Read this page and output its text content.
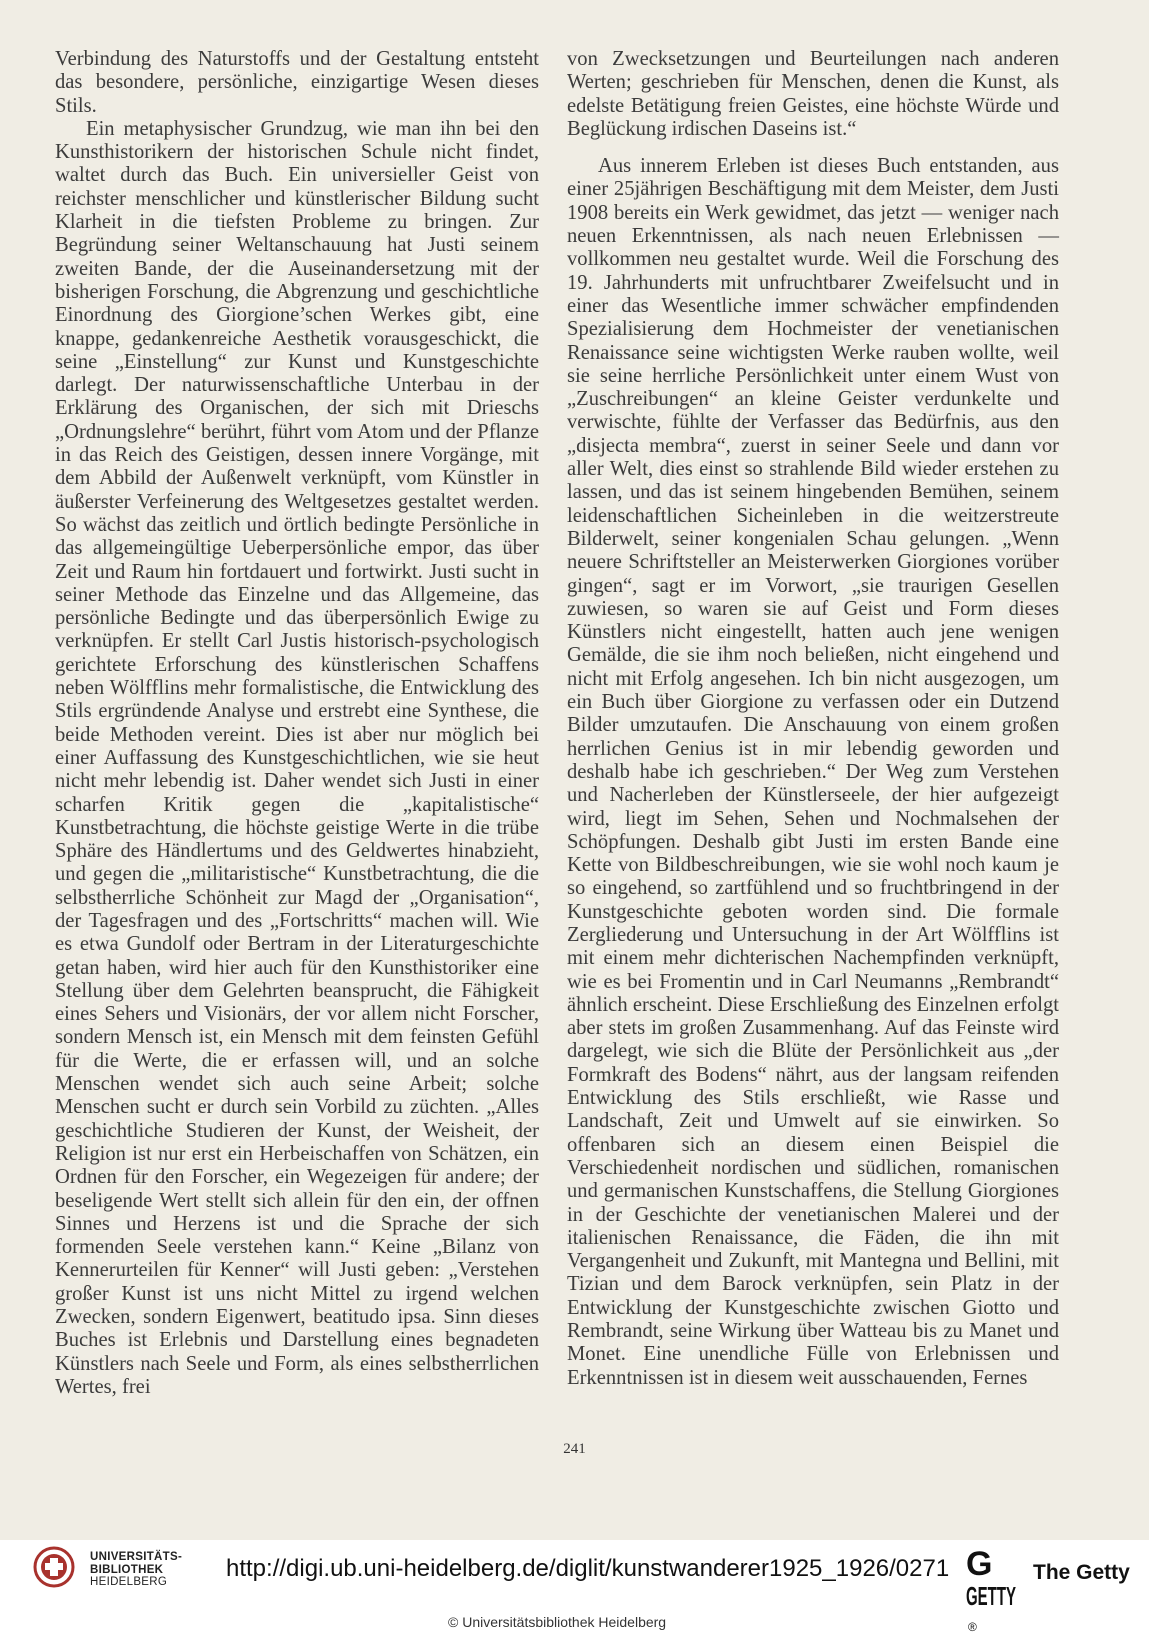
Verbindung des Naturstoffs und der Gestaltung entsteht das besondere, persönliche, einzigartige Wesen dieses Stils.

Ein metaphysischer Grundzug, wie man ihn bei den Kunsthistorikern der historischen Schule nicht findet, waltet durch das Buch. Ein universieller Geist von reichster menschlicher und künstlerischer Bildung sucht Klarheit in die tiefsten Probleme zu bringen. Zur Begründung seiner Weltanschauung hat Justi seinem zweiten Bande, der die Auseinandersetzung mit der bisherigen Forschung, die Abgrenzung und geschichtliche Einordnung des Giorgione’schen Werkes gibt, eine knappe, gedankenreiche Aesthetik vorausgeschickt, die seine „Einstellung“ zur Kunst und Kunstgeschichte darlegt. Der naturwissenschaftliche Unterbau in der Erklärung des Organischen, der sich mit Drieschs „Ordnungslehre“ berührt, führt vom Atom und der Pflanze in das Reich des Geistigen, dessen innere Vorgänge, mit dem Abbild der Außenwelt verknüpft, vom Künstler in äußerster Verfeinerung des Weltgesetzes gestaltet werden. So wächst das zeitlich und örtlich bedingte Persönliche in das allgemeingültige Ueberpersönliche empor, das über Zeit und Raum hin fortdauert und fortwirkt. Justi sucht in seiner Methode das Einzelne und das Allgemeine, das persönliche Bedingte und das überpersönlich Ewige zu verknüpfen. Er stellt Carl Justis historisch-psychologisch gerichtete Erforschung des künstlerischen Schaffens neben Wölfflins mehr formalistische, die Entwicklung des Stils ergründende Analyse und erstrebt eine Synthese, die beide Methoden vereint. Dies ist aber nur möglich bei einer Auffassung des Kunstgeschichtlichen, wie sie heut nicht mehr lebendig ist. Daher wendet sich Justi in einer scharfen Kritik gegen die „kapitalistische“ Kunstbetrachtung, die höchste geistige Werte in die trübe Sphäre des Händlertums und des Geldwertes hinabzieht, und gegen die „militaristische“ Kunstbetrachtung, die die selbstherrliche Schönheit zur Magd der „Organisation“, der Tagesfragen und des „Fortschritts“ machen will. Wie es etwa Gundolf oder Bertram in der Literaturgeschichte getan haben, wird hier auch für den Kunsthistoriker eine Stellung über dem Gelehrten beansprucht, die Fähigkeit eines Sehers und Visionärs, der vor allem nicht Forscher, sondern Mensch ist, ein Mensch mit dem feinsten Gefühl für die Werte, die er erfassen will, und an solche Menschen wendet sich auch seine Arbeit; solche Menschen sucht er durch sein Vorbild zu züchten. „Alles geschichtliche Studieren der Kunst, der Weisheit, der Religion ist nur erst ein Herbeischaffen von Schätzen, ein Ordnen für den Forscher, ein Wegezeigen für andere; der beseligende Wert stellt sich allein für den ein, der offnen Sinnes und Herzens ist und die Sprache der sich formenden Seele verstehen kann.“ Keine „Bilanz von Kennerurteilen für Kenner“ will Justi geben: „Verstehen großer Kunst ist uns nicht Mittel zu irgend welchen Zwecken, sondern Eigenwert, beatitudo ipsa. Sinn dieses Buches ist Erlebnis und Darstellung eines begnadeten Künstlers nach Seele und Form, als eines selbstherrlichen Wertes, frei

von Zwecksetzungen und Beurteilungen nach anderen Werten; geschrieben für Menschen, denen die Kunst, als edelste Betätigung freien Geistes, eine höchste Würde und Beglückung irdischen Daseins ist.“

Aus innerem Erleben ist dieses Buch entstanden, aus einer 25jährigen Beschäftigung mit dem Meister, dem Justi 1908 bereits ein Werk gewidmet, das jetzt — weniger nach neuen Erkenntnissen, als nach neuen Erlebnissen — vollkommen neu gestaltet wurde. Weil die Forschung des 19. Jahrhunderts mit unfruchtbarer Zweifelsucht und in einer das Wesentliche immer schwächer empfindenden Spezialisierung dem Hochmeister der venetianischen Renaissance seine wichtigsten Werke rauben wollte, weil sie seine herrliche Persönlichkeit unter einem Wust von „Zuschreibungen“ an kleine Geister verdunkelte und verwischte, fühlte der Verfasser das Bedürfnis, aus den „disjecta membra“, zuerst in seiner Seele und dann vor aller Welt, dies einst so strahlende Bild wieder erstehen zu lassen, und das ist seinem hingebenden Bemühen, seinem leidenschaftlichen Sicheinleben in die weitzerstreute Bilderwelt, seiner kongenialen Schau gelungen. „Wenn neuere Schriftsteller an Meisterwerken Giorgiones vorüber gingen“, sagt er im Vorwort, „sie traurigen Gesellen zuwiesen, so waren sie auf Geist und Form dieses Künstlers nicht eingestellt, hatten auch jene wenigen Gemälde, die sie ihm noch beließen, nicht eingehend und nicht mit Erfolg angesehen. Ich bin nicht ausgezogen, um ein Buch über Giorgione zu verfassen oder ein Dutzend Bilder umzutaufen. Die Anschauung von einem großen herrlichen Genius ist in mir lebendig geworden und deshalb habe ich geschrieben.“ Der Weg zum Verstehen und Nacherleben der Künstlerseele, der hier aufgezeigt wird, liegt im Sehen, Sehen und Nochmalsehen der Schöpfungen. Deshalb gibt Justi im ersten Bande eine Kette von Bildbeschreibungen, wie sie wohl noch kaum je so eingehend, so zartfühlend und so fruchtbringend in der Kunstgeschichte geboten worden sind. Die formale Zergliederung und Untersuchung in der Art Wölfflins ist mit einem mehr dichterischen Nachempfinden verknüpft, wie es bei Fromentin und in Carl Neumanns „Rembrandt“ ähnlich erscheint. Diese Erschließung des Einzelnen erfolgt aber stets im großen Zusammenhang. Auf das Feinste wird dargelegt, wie sich die Blüte der Persönlichkeit aus „der Formkraft des Bodens“ nährt, aus der langsam reifenden Entwicklung des Stils erschließt, wie Rasse und Landschaft, Zeit und Umwelt auf sie einwirken. So offenbaren sich an diesem einen Beispiel die Verschiedenheit nordischen und südlichen, romanischen und germanischen Kunstschaffens, die Stellung Giorgiones in der Geschichte der venetianischen Malerei und der italienischen Renaissance, die Fäden, die ihn mit Vergangenheit und Zukunft, mit Mantegna und Bellini, mit Tizian und dem Barock verknüpfen, sein Platz in der Entwicklung der Kunstgeschichte zwischen Giotto und Rembrandt, seine Wirkung über Watteau bis zu Manet und Monet. Eine unendliche Fülle von Erlebnissen und Erkenntnissen ist in diesem weit ausschauenden, Fernes

241
UNIVERSITÄTS-
BIBLIOTHEK
HEIDELBERG	http://digi.ub.uni-heidelberg.de/diglit/kunstwanderer1925_1926/0271
© Universitätsbibliothek Heidelberg
G
GETTY
®
The Getty
